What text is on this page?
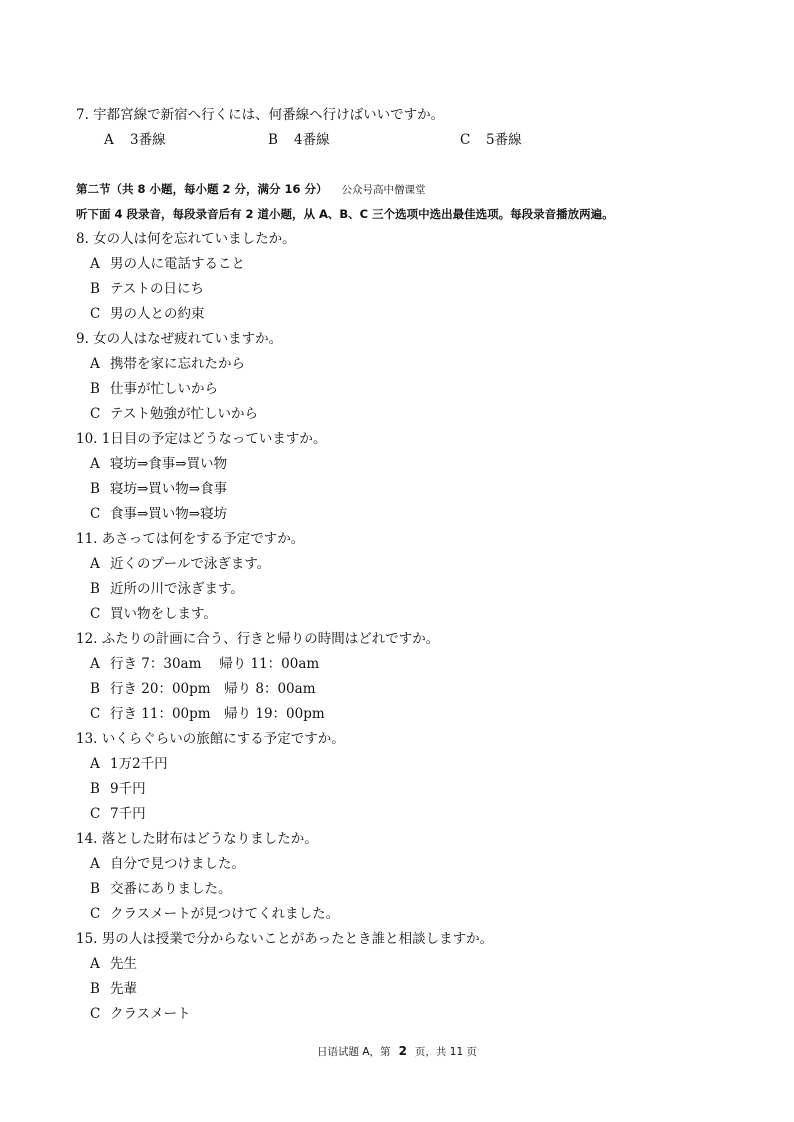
7. 宇都宮線で新宿へ行くには、何番線へ行けばいいですか。
A 3番線	B 4番線	C 5番線
第二节（共 8 小题，每小题 2 分，满分 16 分） 公众号高中僧课堂
听下面 4 段录音，每段录音后有 2 道小题，从 A、B、C 三个选项中选出最佳选项。每段录音播放两遍。
8. 女の人は何を忘れていましたか。
A 男の人に電話すること
B テストの日にち
C 男の人との約束
9. 女の人はなぜ疲れていますか。
A 携帯を家に忘れたから
B 仕事が忙しいから
C テスト勉強が忙しいから
10. 1日目の予定はどうなっていますか。
A 寝坊⇒食事⇒買い物
B 寝坊⇒買い物⇒食事
C 食事⇒買い物⇒寝坊
11. あさっては何をする予定ですか。
A 近くのプールで泳ぎます。
B 近所の川で泳ぎます。
C 買い物をします。
12. ふたりの計画に合う、行きと帰りの時間はどれですか。
A 行き 7：30am　 帰り 11：00am
B 行き 20：00pm　帰り 8：00am
C 行き 11：00pm　帰り 19：00pm
13. いくらぐらいの旅館にする予定ですか。
A 1万2千円
B 9千円
C 7千円
14. 落とした財布はどうなりましたか。
A 自分で見つけました。
B 交番にありました。
C クラスメートが見つけてくれました。
15. 男の人は授業で分からないことがあったとき誰と相談しますか。
A 先生
B 先輩
C クラスメート
日语试题 A，第 2 页，共 11 页
